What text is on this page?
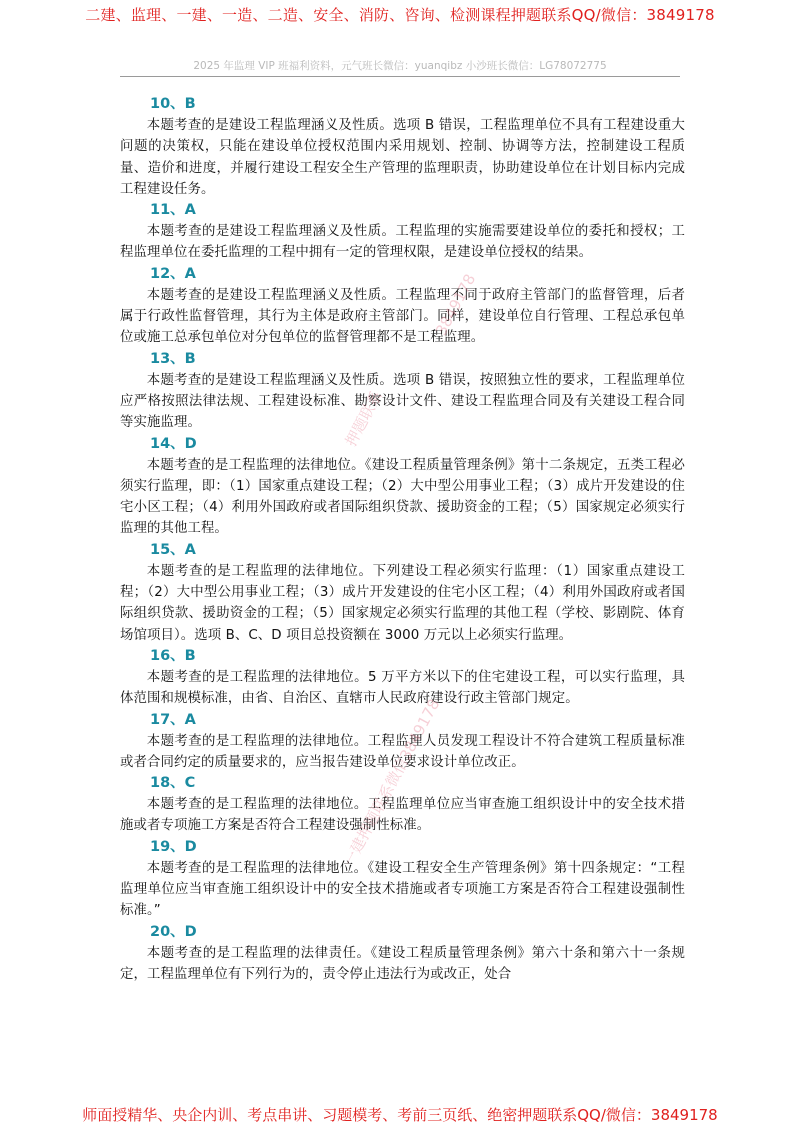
二建、监理、一建、一造、二造、安全、消防、咨询、检测课程押题联系QQ/微信：3849178
2025 年监理 VIP 班福利资料，元气班长微信：yuanqibz 小沙班长微信：LG78072775
10、B

本题考查的是建设工程监理涵义及性质。选项 B 错误，工程监理单位不具有工程建设重大问题的决策权，只能在建设单位授权范围内采用规划、控制、协调等方法，控制建设工程质量、造价和进度，并履行建设工程安全生产管理的监理职责，协助建设单位在计划目标内完成工程建设任务。

11、A

本题考查的是建设工程监理涵义及性质。工程监理的实施需要建设单位的委托和授权；工程监理单位在委托监理的工程中拥有一定的管理权限，是建设单位授权的结果。

12、A

本题考查的是建设工程监理涵义及性质。工程监理不同于政府主管部门的监督管理，后者属于行政性监督管理，其行为主体是政府主管部门。同样，建设单位自行管理、工程总承包单位或施工总承包单位对分包单位的监督管理都不是工程监理。

13、B

本题考查的是建设工程监理涵义及性质。选项 B 错误，按照独立性的要求，工程监理单位应严格按照法律法规、工程建设标准、勘察设计文件、建设工程监理合同及有关建设工程合同等实施监理。

14、D

本题考查的是工程监理的法律地位。《建设工程质量管理条例》第十二条规定，五类工程必须实行监理，即：（1）国家重点建设工程；（2）大中型公用事业工程；（3）成片开发建设的住宅小区工程；（4）利用外国政府或者国际组织贷款、援助资金的工程；（5）国家规定必须实行监理的其他工程。

15、A

本题考查的是工程监理的法律地位。下列建设工程必须实行监理：（1）国家重点建设工程；（2）大中型公用事业工程；（3）成片开发建设的住宅小区工程；（4）利用外国政府或者国际组织贷款、援助资金的工程；（5）国家规定必须实行监理的其他工程（学校、影剧院、体育场馆项目）。选项 B、C、D 项目总投资额在 3000 万元以上必须实行监理。

16、B

本题考查的是工程监理的法律地位。5 万平方米以下的住宅建设工程，可以实行监理，具体范围和规模标准，由省、自治区、直辖市人民政府建设行政主管部门规定。

17、A

本题考查的是工程监理的法律地位。工程监理人员发现工程设计不符合建筑工程质量标准或者合同约定的质量要求的，应当报告建设单位要求设计单位改正。

18、C

本题考查的是工程监理的法律地位。工程监理单位应当审查施工组织设计中的安全技术措施或者专项施工方案是否符合工程建设强制性标准。

19、D

本题考查的是工程监理的法律地位。《建设工程安全生产管理条例》第十四条规定：“工程监理单位应当审查施工组织设计中的安全技术措施或者专项施工方案是否符合工程建设强制性标准。”

20、D

本题考查的是工程监理的法律责任。《建设工程质量管理条例》第六十条和第六十一条规定，工程监理单位有下列行为的，责令停止违法行为或改正，处合

3849178
押题联系
一建押题联系微信3849178
师面授精华、央企内训、考点串讲、习题模考、考前三页纸、绝密押题联系QQ/微信：3849178
